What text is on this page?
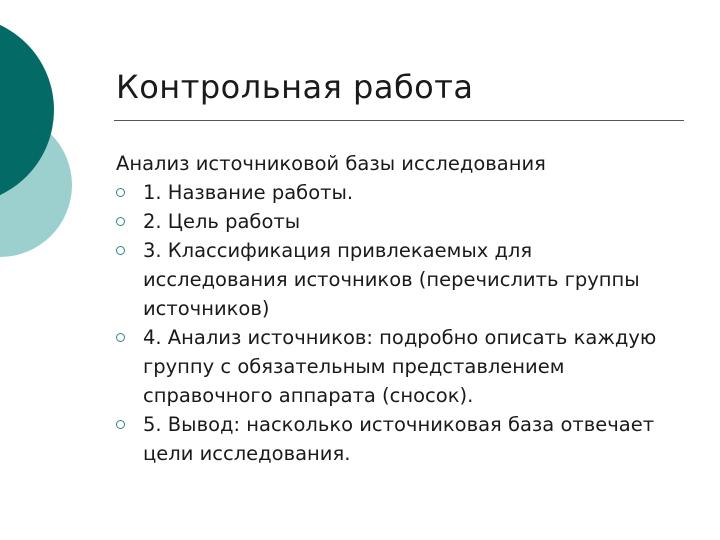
Контрольная работа

Анализ источниковой базы исследования

1. Название работы.
2. Цель работы
3. Классификация привлекаемых для исследования источников (перечислить группы источников)
4. Анализ источников: подробно описать каждую группу с обязательным представлением справочного аппарата (сносок).
5. Вывод: насколько источниковая база отвечает цели исследования.
